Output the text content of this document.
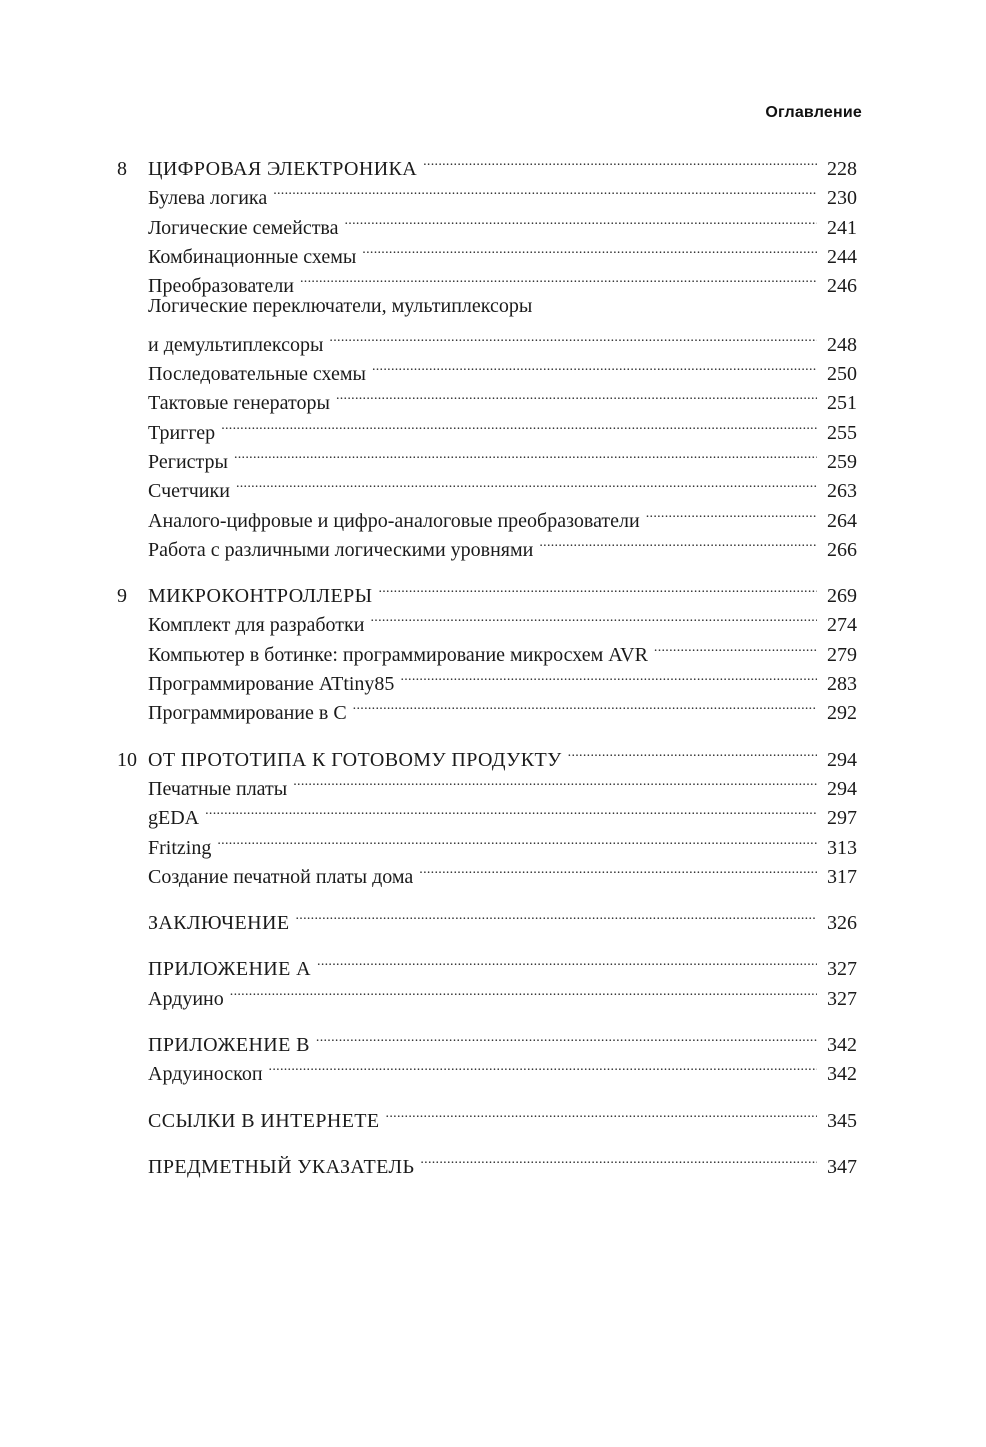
Оглавление
8	ЦИФРОВАЯ ЭЛЕКТРОНИКА .....	228
Булева логика .....	230
Логические семейства .....	241
Комбинационные схемы .....	244
Преобразователи .....	246
Логические переключатели, мультиплексоры
и демультиплексоры .....	248
Последовательные схемы .....	250
Тактовые генераторы .....	251
Триггер .....	255
Регистры .....	259
Счетчики .....	263
Аналого-цифровые и цифро-аналоговые преобразователи .....	264
Работа с различными логическими уровнями .....	266
9	МИКРОКОНТРОЛЛЕРЫ .....	269
Комплект для разработки .....	274
Компьютер в ботинке: программирование микросхем AVR .....	279
Программирование ATtiny85 .....	283
Программирование в C .....	292
10 ОТ ПРОТОТИПА К ГОТОВОМУ ПРОДУКТУ .....	294
Печатные платы .....	294
gEDA .....	297
Fritzing .....	313
Создание печатной платы дома .....	317
ЗАКЛЮЧЕНИЕ .....	326
ПРИЛОЖЕНИЕ А .....	327
Ардуино .....	327
ПРИЛОЖЕНИЕ В .....	342
Ардуиноскоп .....	342
ССЫЛКИ В ИНТЕРНЕТЕ .....	345
ПРЕДМЕТНЫЙ УКАЗАТЕЛЬ .....	347
